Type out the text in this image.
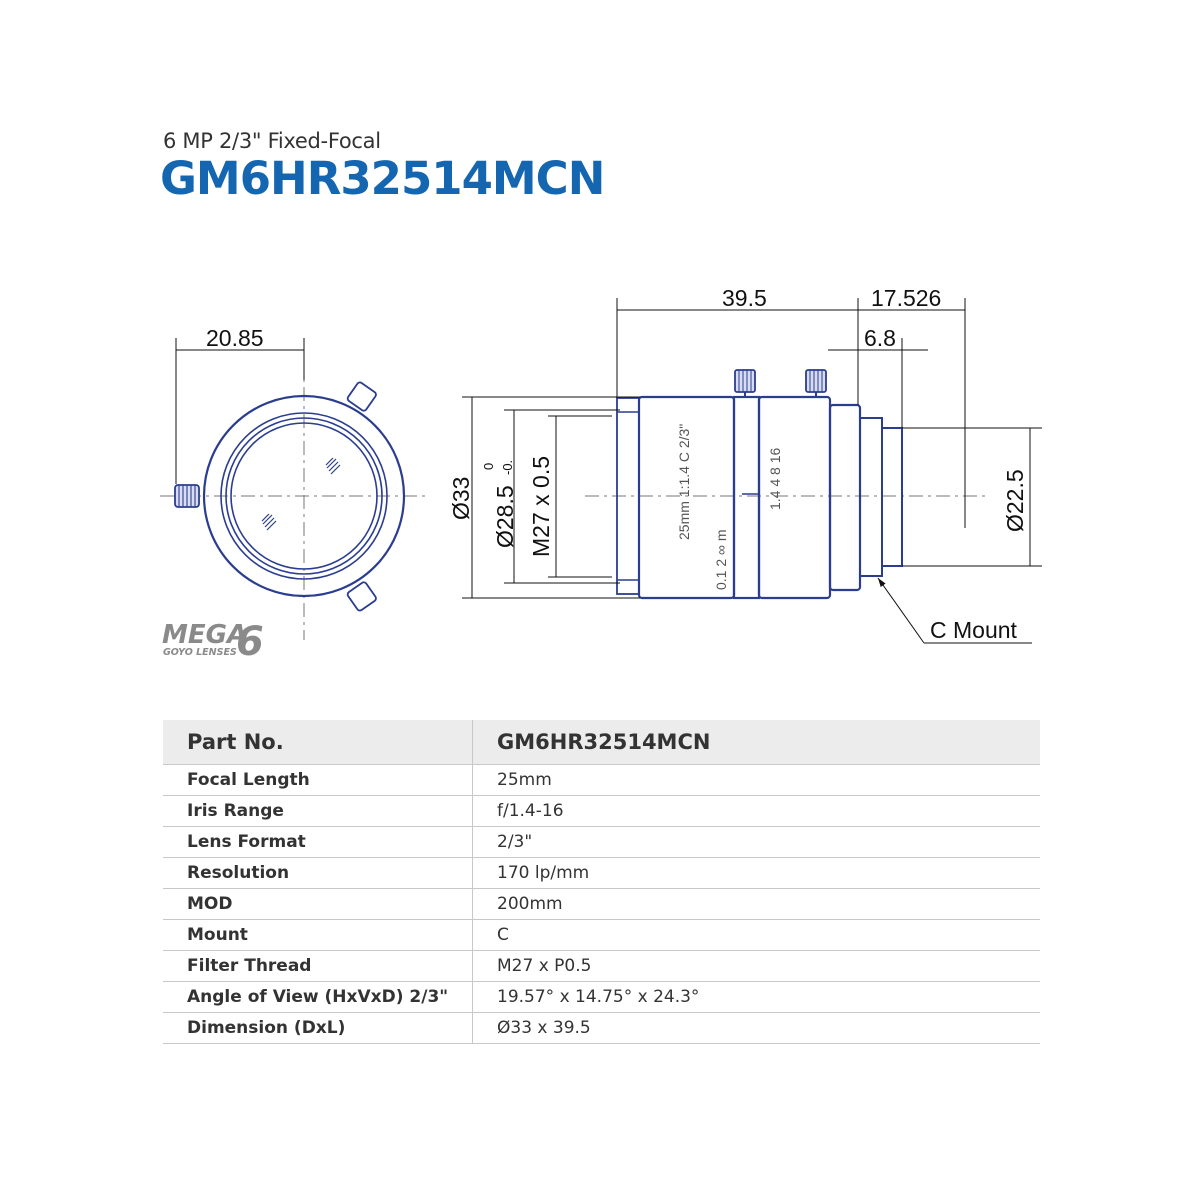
6 MP 2/3" Fixed-Focal
GM6HR32514MCN
20.85
25mm 1:1.4 C 2/3"
0.1 2 ∞ m
1.4 4 8 16
39.5	17.526
6.8
Ø33 Ø28.5
0 -0. M27 x 0.5	Ø22.5
C Mount
MEGA
6
GOYO LENSES
Part No.	GM6HR32514MCN
Focal Length	25mm
Iris Range	f/1.4-16
Lens Format	2/3"
Resolution	170 lp/mm
MOD	200mm
Mount	C
Filter Thread	M27 x P0.5
Angle of View (HxVxD) 2/3"	19.57° x 14.75° x 24.3°
Dimension (DxL)	Ø33 x 39.5
